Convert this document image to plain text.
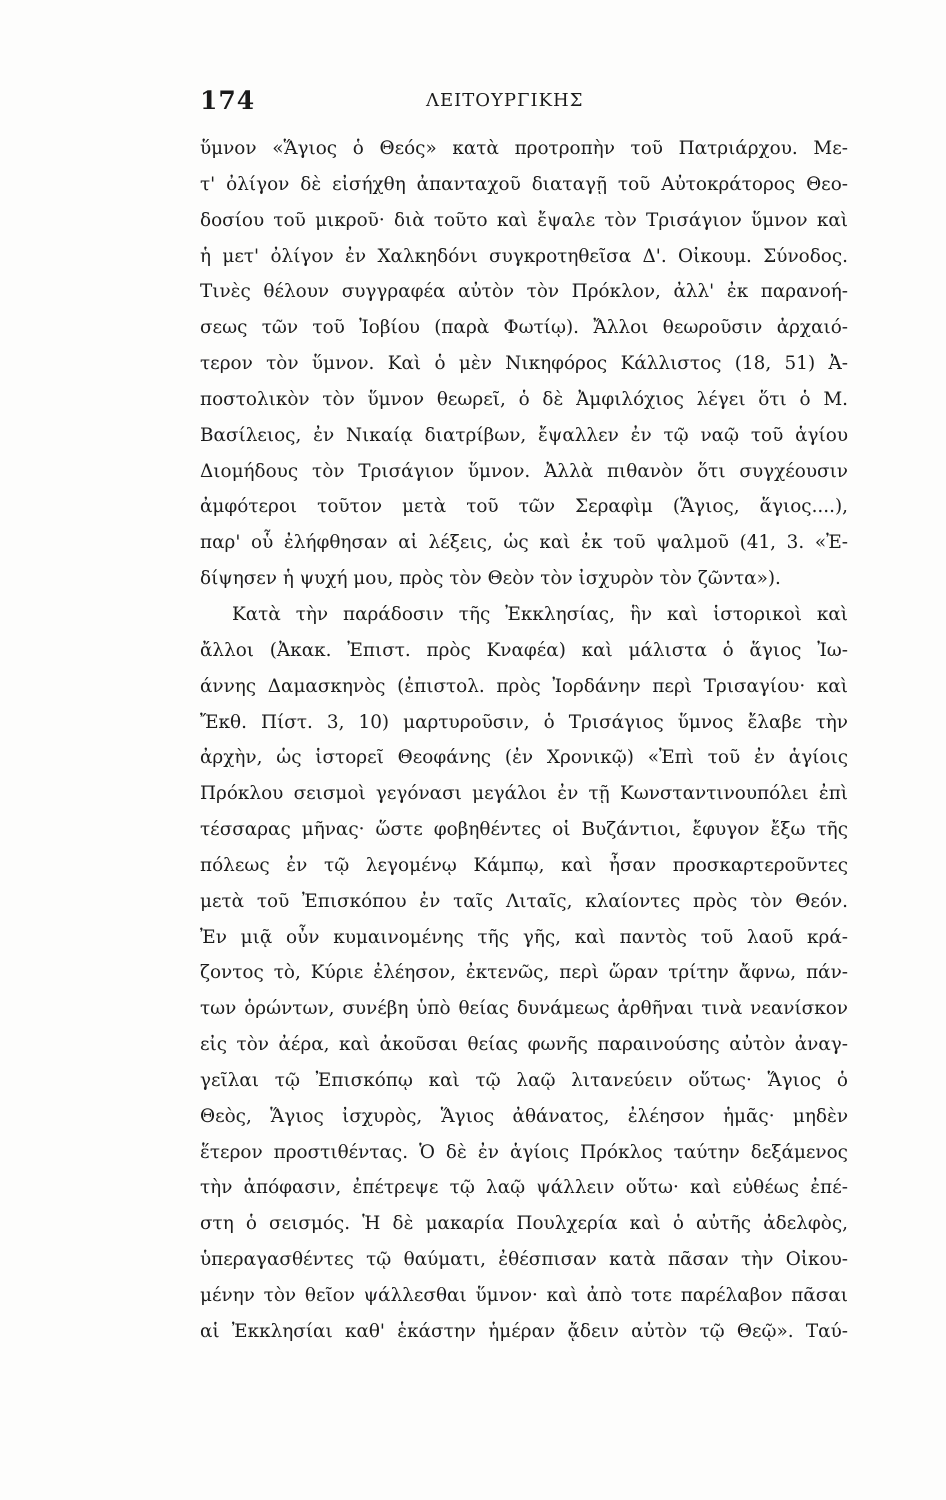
174	ΛΕΙΤΟΥΡΓΙΚΗΣ
ὕμνον «Ἅγιος ὁ Θεός» κατὰ προτροπὴν τοῦ Πατριάρχου. Με-
τ' ὀλίγον δὲ εἰσήχθη ἀπανταχοῦ διαταγῇ τοῦ Αὐτοκράτορος Θεο-
δοσίου τοῦ μικροῦ· διὰ τοῦτο καὶ ἔψαλε τὸν Τρισάγιον ὕμνον καὶ
ἡ μετ' ὀλίγον ἐν Χαλκηδόνι συγκροτηθεῖσα Δ'. Οἰκουμ. Σύνοδος.
Τινὲς θέλουν συγγραφέα αὐτὸν τὸν Πρόκλον, ἀλλ' ἐκ παρανοή-
σεως τῶν τοῦ Ἰοβίου (παρὰ Φωτίῳ). Ἄλλοι θεωροῦσιν ἀρχαιό-
τερον τὸν ὕμνον. Καὶ ὁ μὲν Νικηφόρος Κάλλιστος (18, 51) Ἀ-
ποστολικὸν τὸν ὕμνον θεωρεῖ, ὁ δὲ Ἀμφιλόχιος λέγει ὅτι ὁ Μ.
Βασίλειος, ἐν Νικαίᾳ διατρίβων, ἔψαλλεν ἐν τῷ ναῷ τοῦ ἁγίου
Διομήδους τὸν Τρισάγιον ὕμνον. Ἀλλὰ πιθανὸν ὅτι συγχέουσιν
ἀμφότεροι τοῦτον μετὰ τοῦ τῶν Σεραφὶμ (Ἅγιος, ἅγιος....),
παρ' οὗ ἐλήφθησαν αἱ λέξεις, ὡς καὶ ἐκ τοῦ ψαλμοῦ (41, 3. «Ἐ-
δίψησεν ἡ ψυχή μου, πρὸς τὸν Θεὸν τὸν ἰσχυρὸν τὸν ζῶντα»).
Κατὰ τὴν παράδοσιν τῆς Ἐκκλησίας, ἣν καὶ ἱστορικοὶ καὶ
ἄλλοι (Ἀκακ. Ἐπιστ. πρὸς Κναφέα) καὶ μάλιστα ὁ ἅγιος Ἰω-
άννης Δαμασκηνὸς (ἐπιστολ. πρὸς Ἰορδάνην περὶ Τρισαγίου· καὶ
Ἔκθ. Πίστ. 3, 10) μαρτυροῦσιν, ὁ Τρισάγιος ὕμνος ἔλαβε τὴν
ἀρχὴν, ὡς ἱστορεῖ Θεοφάνης (ἐν Χρονικῷ) «Ἐπὶ τοῦ ἐν ἁγίοις
Πρόκλου σεισμοὶ γεγόνασι μεγάλοι ἐν τῇ Κωνσταντινουπόλει ἐπὶ
τέσσαρας μῆνας· ὥστε φοβηθέντες οἱ Βυζάντιοι, ἔφυγον ἔξω τῆς
πόλεως ἐν τῷ λεγομένῳ Κάμπῳ, καὶ ἦσαν προσκαρτεροῦντες
μετὰ τοῦ Ἐπισκόπου ἐν ταῖς Λιταῖς, κλαίοντες πρὸς τὸν Θεόν.
Ἐν μιᾷ οὖν κυμαινομένης τῆς γῆς, καὶ παντὸς τοῦ λαοῦ κρά-
ζοντος τὸ, Κύριε ἐλέησον, ἐκτενῶς, περὶ ὥραν τρίτην ἄφνω, πάν-
των ὁρώντων, συνέβη ὑπὸ θείας δυνάμεως ἀρθῆναι τινὰ νεανίσκον
εἰς τὸν ἀέρα, καὶ ἀκοῦσαι θείας φωνῆς παραινούσης αὐτὸν ἀναγ-
γεῖλαι τῷ Ἐπισκόπῳ καὶ τῷ λαῷ λιτανεύειν οὕτως· Ἅγιος ὁ
Θεὸς, Ἅγιος ἰσχυρὸς, Ἅγιος ἀθάνατος, ἐλέησον ἡμᾶς· μηδὲν
ἕτερον προστιθέντας. Ὁ δὲ ἐν ἁγίοις Πρόκλος ταύτην δεξάμενος
τὴν ἀπόφασιν, ἐπέτρεψε τῷ λαῷ ψάλλειν οὕτω· καὶ εὐθέως ἐπέ-
στη ὁ σεισμός. Ἡ δὲ μακαρία Πουλχερία καὶ ὁ αὐτῆς ἀδελφὸς,
ὑπεραγασθέντες τῷ θαύματι, ἐθέσπισαν κατὰ πᾶσαν τὴν Οἰκου-
μένην τὸν θεῖον ψάλλεσθαι ὕμνον· καὶ ἀπὸ τοτε παρέλαβον πᾶσαι
αἱ Ἐκκλησίαι καθ' ἑκάστην ἡμέραν ᾄδειν αὐτὸν τῷ Θεῷ». Ταύ-
